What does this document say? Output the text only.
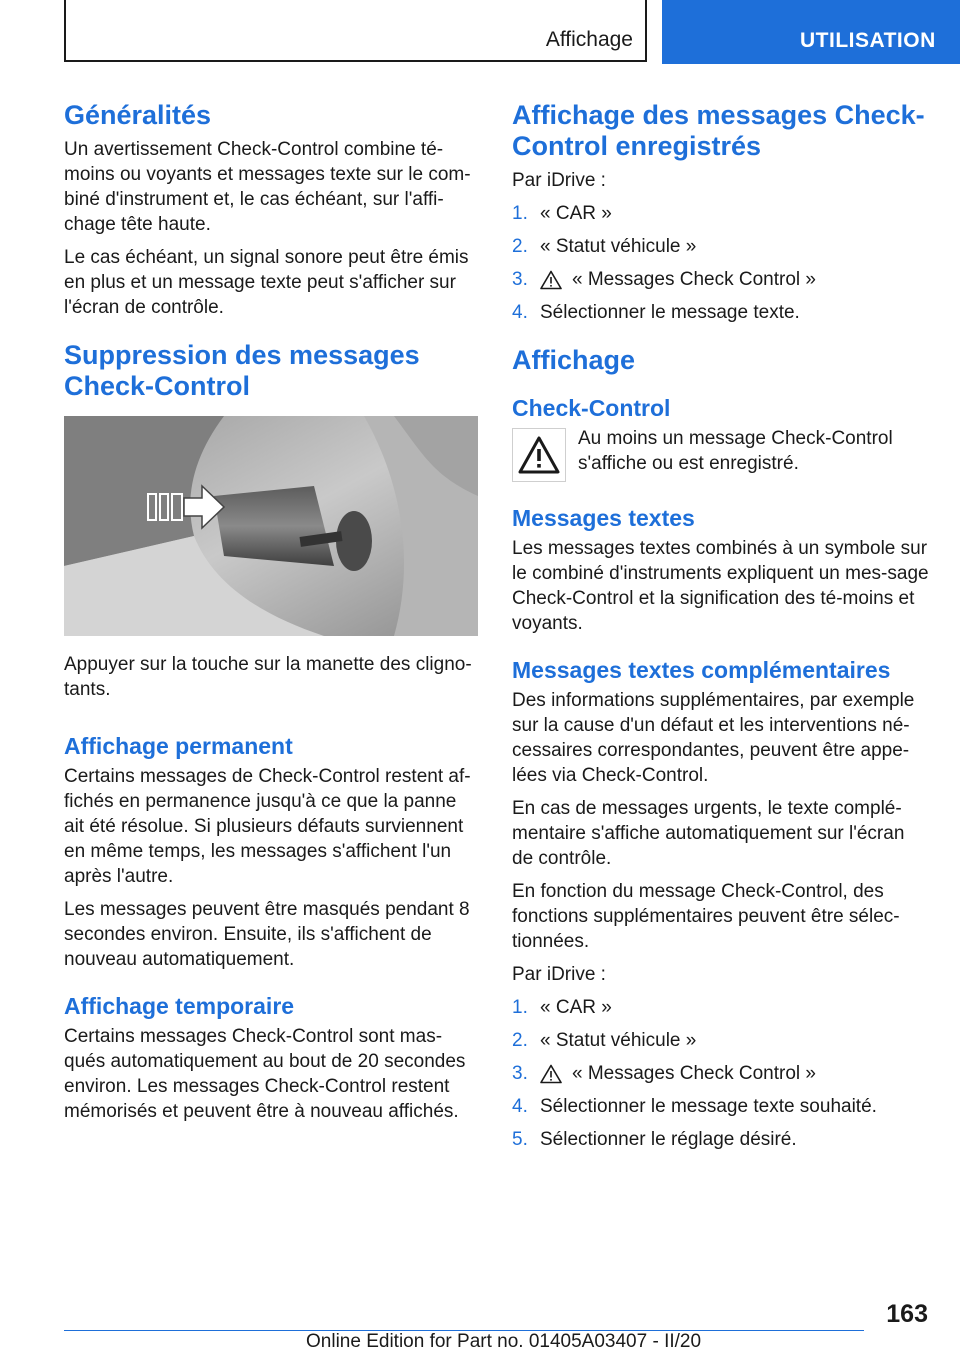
Affichage	UTILISATION
Généralités

Un avertissement Check-Control combine té-moins ou voyants et messages texte sur le com-biné d'instrument et, le cas échéant, sur l'affi-chage tête haute.

Le cas échéant, un signal sonore peut être émis en plus et un message texte peut s'afficher sur l'écran de contrôle.

Suppression des messages Check-Control

Appuyer sur la touche sur la manette des cligno-tants.

Affichage permanent

Certains messages de Check-Control restent af-fichés en permanence jusqu'à ce que la panne ait été résolue. Si plusieurs défauts surviennent en même temps, les messages s'affichent l'un après l'autre.

Les messages peuvent être masqués pendant 8 secondes environ. Ensuite, ils s'affichent de nouveau automatiquement.

Affichage temporaire

Certains messages Check-Control sont mas-qués automatiquement au bout de 20 secondes environ. Les messages Check-Control restent mémorisés et peuvent être à nouveau affichés.

Affichage des messages Check-Control enregistrés

Par iDrive :

1. « CAR »
2. « Statut véhicule »
3.	« Messages Check Control »
4. Sélectionner le message texte.
Affichage
Check-Control

Au moins un message Check-Control s'affiche ou est enregistré.

Messages textes

Les messages textes combinés à un symbole sur le combiné d'instruments expliquent un mes-sage Check-Control et la signification des té-moins et voyants.

Messages textes complémentaires

Des informations supplémentaires, par exemple sur la cause d'un défaut et les interventions né-cessaires correspondantes, peuvent être appe-lées via Check-Control.

En cas de messages urgents, le texte complé-mentaire s'affiche automatiquement sur l'écran de contrôle.

En fonction du message Check-Control, des fonctions supplémentaires peuvent être sélec-tionnées.

Par iDrive :

1. « CAR »
2. « Statut véhicule »
3.	« Messages Check Control »
4. Sélectionner le message texte souhaité.
5. Sélectionner le réglage désiré.
163
Online Edition for Part no. 01405A03407 - II/20
